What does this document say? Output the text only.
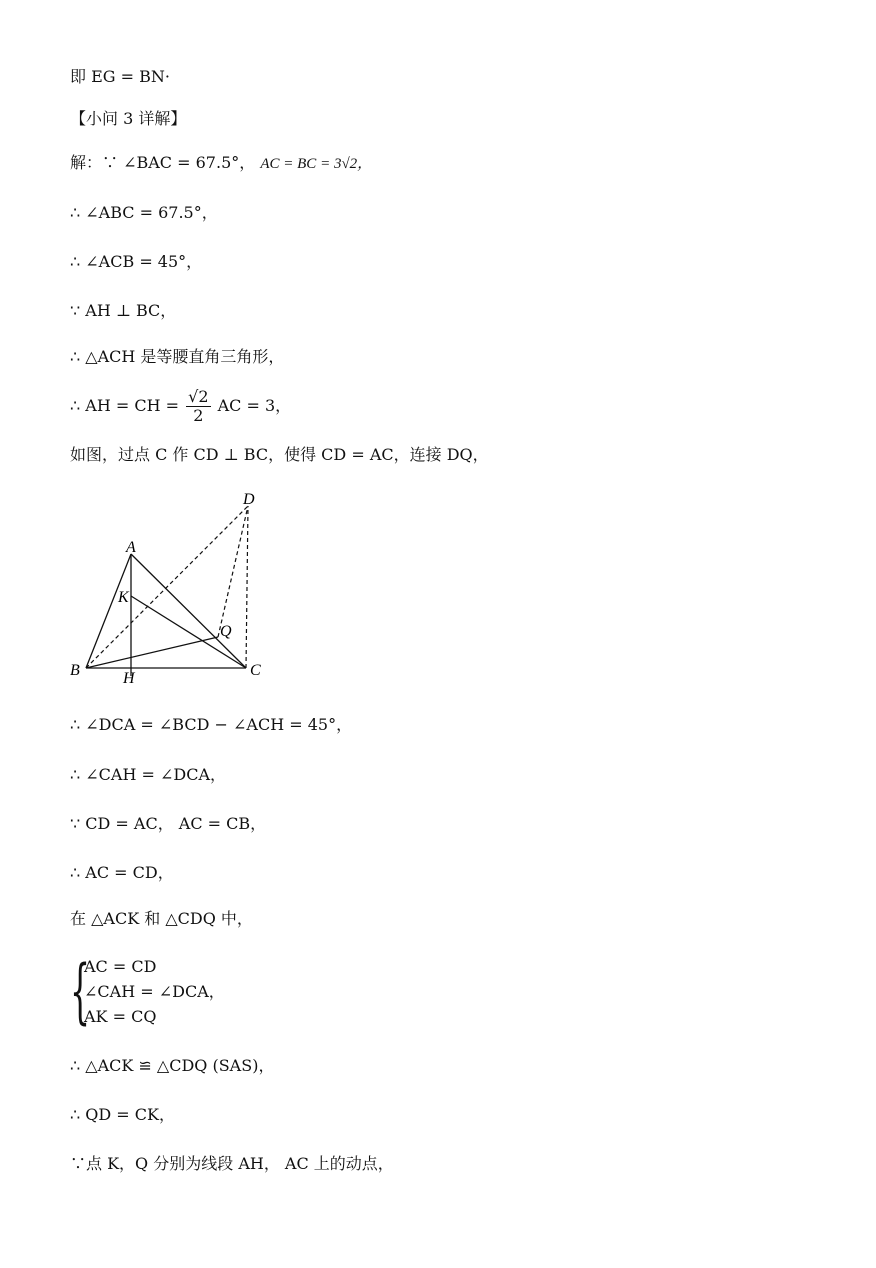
即 EG = BN·
【小问 3 详解】
解：∵ ∠BAC = 67.5°， AC = BC = 3√2，
∴ ∠ABC = 67.5°，
∴ ∠ACB = 45°，
∵ AH ⊥ BC，
∴ △ACH 是等腰直角三角形，
∴ AH = CH = $\frac{√2}{2}$ AC = 3，
如图，过点 C 作 CD ⊥ BC，使得 CD = AC，连接 DQ，
D
A
K
Q
B	H	C
∴ ∠DCA = ∠BCD − ∠ACH = 45°，
∴ ∠CAH = ∠DCA，
∵ CD = AC， AC = CB，
∴ AC = CD，
在 △ACK 和 △CDQ 中，
{
AC = CD
∠CAH = ∠DCA，
AK = CQ
∴ △ACK ≌ △CDQ (SAS)，
∴ QD = CK，
∵点 K，Q 分别为线段 AH， AC 上的动点，
